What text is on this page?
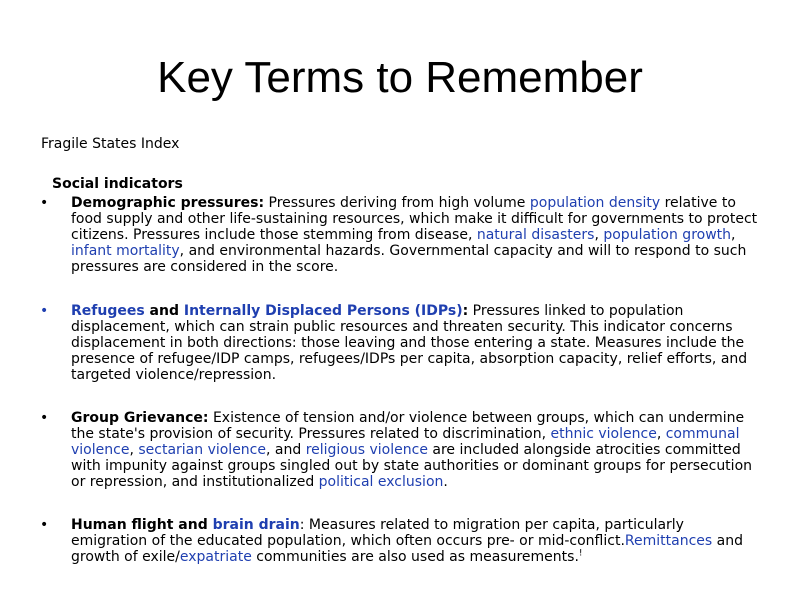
Key Terms to Remember
Fragile States Index
Social indicators
• Demographic pressures: Pressures deriving from high volume population density relative to food supply and other life-sustaining resources, which make it difficult for governments to protect citizens. Pressures include those stemming from disease, natural disasters, population growth, infant mortality, and environmental hazards. Governmental capacity and will to respond to such pressures are considered in the score.
• Refugees and Internally Displaced Persons (IDPs): Pressures linked to population displacement, which can strain public resources and threaten security. This indicator concerns displacement in both directions: those leaving and those entering a state. Measures include the presence of refugee/IDP camps, refugees/IDPs per capita, absorption capacity, relief efforts, and targeted violence/repression.
• Group Grievance: Existence of tension and/or violence between groups, which can undermine the state's provision of security. Pressures related to discrimination, ethnic violence, communal violence, sectarian violence, and religious violence are included alongside atrocities committed with impunity against groups singled out by state authorities or dominant groups for persecution or repression, and institutionalized political exclusion.
• Human flight and brain drain: Measures related to migration per capita, particularly emigration of the educated population, which often occurs pre- or mid-conflict.Remittances and growth of exile/expatriate communities are also used as measurements.!
